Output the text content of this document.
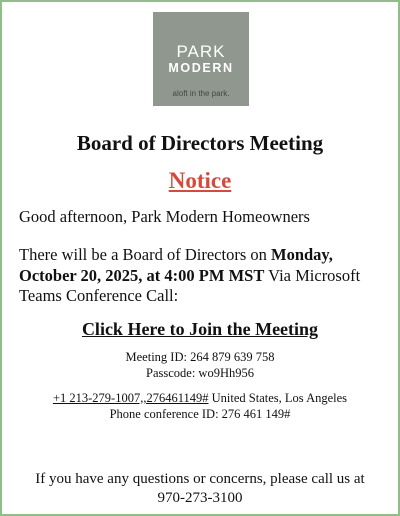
PARK
MODERN
aloft in the park.
Board of Directors Meeting
Notice
Good afternoon, Park Modern Homeowners
There will be a Board of Directors on Monday, October 20, 2025, at 4:00 PM MST Via Microsoft Teams Conference Call:
Click Here to Join the Meeting
Meeting ID: 264 879 639 758
Passcode: wo9Hh956
+1 213-279-1007,,276461149# United States, Los Angeles
Phone conference ID: 276 461 149#
If you have any questions or concerns, please call us at 970-273-3100
